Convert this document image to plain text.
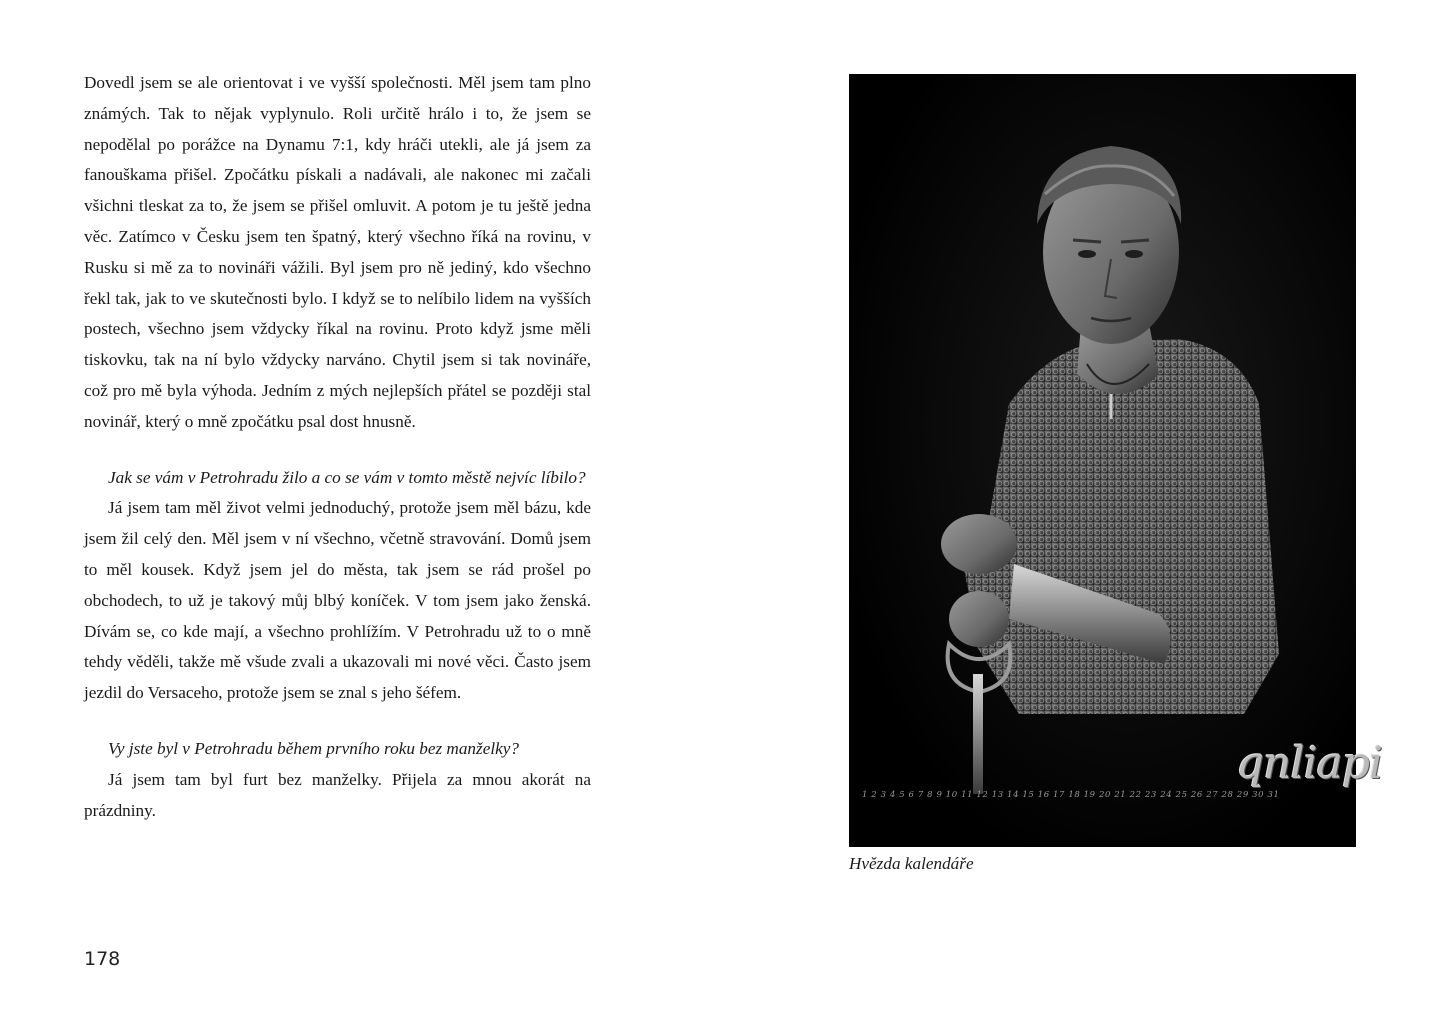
Dovedl jsem se ale orientovat i ve vyšší společnosti. Měl jsem tam plno známých. Tak to nějak vyplynulo. Roli určitě hrálo i to, že jsem se nepodělal po porážce na Dynamu 7:1, kdy hráči utekli, ale já jsem za fanouškama přišel. Zpočátku pískali a nadávali, ale nakonec mi začali všichni tleskat za to, že jsem se přišel omluvit. A potom je tu ještě jedna věc. Zatímco v Česku jsem ten špatný, který všechno říká na rovinu, v Rusku si mě za to novináři vážili. Byl jsem pro ně jediný, kdo všechno řekl tak, jak to ve skutečnosti bylo. I když se to nelíbilo lidem na vyšších postech, všechno jsem vždycky říkal na rovinu. Proto když jsme měli tiskovku, tak na ní bylo vždycky narváno. Chytil jsem si tak novináře, což pro mě byla výhoda. Jedním z mých nejlepších přátel se později stal novinář, který o mně zpočátku psal dost hnusně.

Jak se vám v Petrohradu žilo a co se vám v tomto městě nejvíc líbilo?

Já jsem tam měl život velmi jednoduchý, protože jsem měl bázu, kde jsem žil celý den. Měl jsem v ní všechno, včetně stravování. Domů jsem to měl kousek. Když jsem jel do města, tak jsem se rád prošel po obchodech, to už je takový můj blbý koníček. V tom jsem jako ženská. Dívám se, co kde mají, a všechno prohlížím. V Petrohradu už to o mně tehdy věděli, takže mě všude zvali a ukazovali mi nové věci. Často jsem jezdil do Versaceho, protože jsem se znal s jeho šéfem.

Vy jste byl v Petrohradu během prvního roku bez manželky?

Já jsem tam byl furt bez manželky. Přijela za mnou akorát na prázdniny.

178
1 2 3 4 5 6 7 8 9 10 11 12 13 14 15 16 17 18 19 20 21 22 23 24 25 26 27 28 29 30 31
qnliapi
Hvězda kalendáře
